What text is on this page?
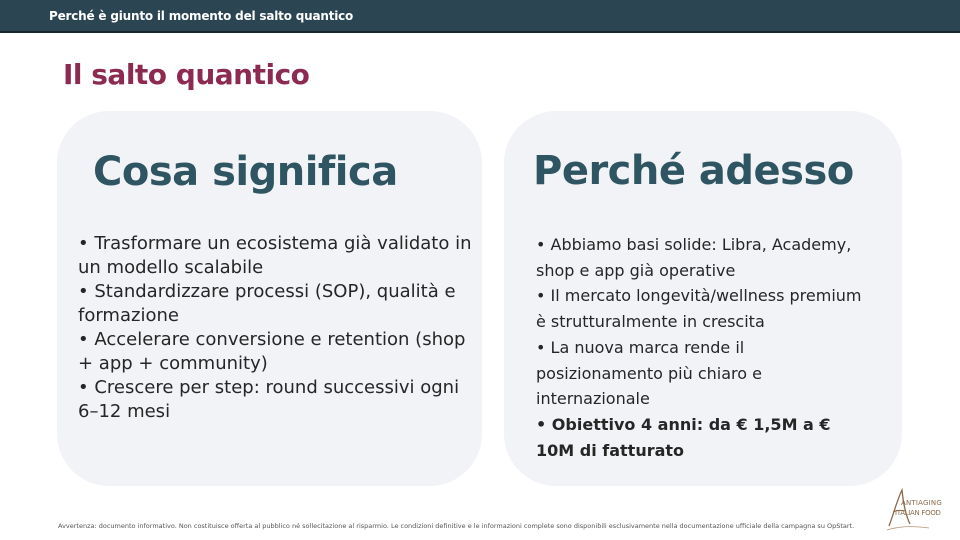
Perché è giunto il momento del salto quantico
Il salto quantico
Cosa significa
• Trasformare un ecosistema già validato in un modello scalabile
• Standardizzare processi (SOP), qualità e formazione
• Accelerare conversione e retention (shop + app + community)
• Crescere per step: round successivi ogni 6–12 mesi
Perché adesso
• Abbiamo basi solide: Libra, Academy, shop e app già operative
• Il mercato longevità/wellness premium è strutturalmente in crescita
• La nuova marca rende il posizionamento più chiaro e internazionale
• Obiettivo 4 anni: da € 1,5M a € 10M di fatturato
Avvertenza: documento informativo. Non costituisce offerta al pubblico né sollecitazione al risparmio. Le condizioni definitive e le informazioni complete sono disponibili esclusivamente nella documentazione ufficiale della campagna su OpStart.
ANTIAGING
ITALIAN FOOD
